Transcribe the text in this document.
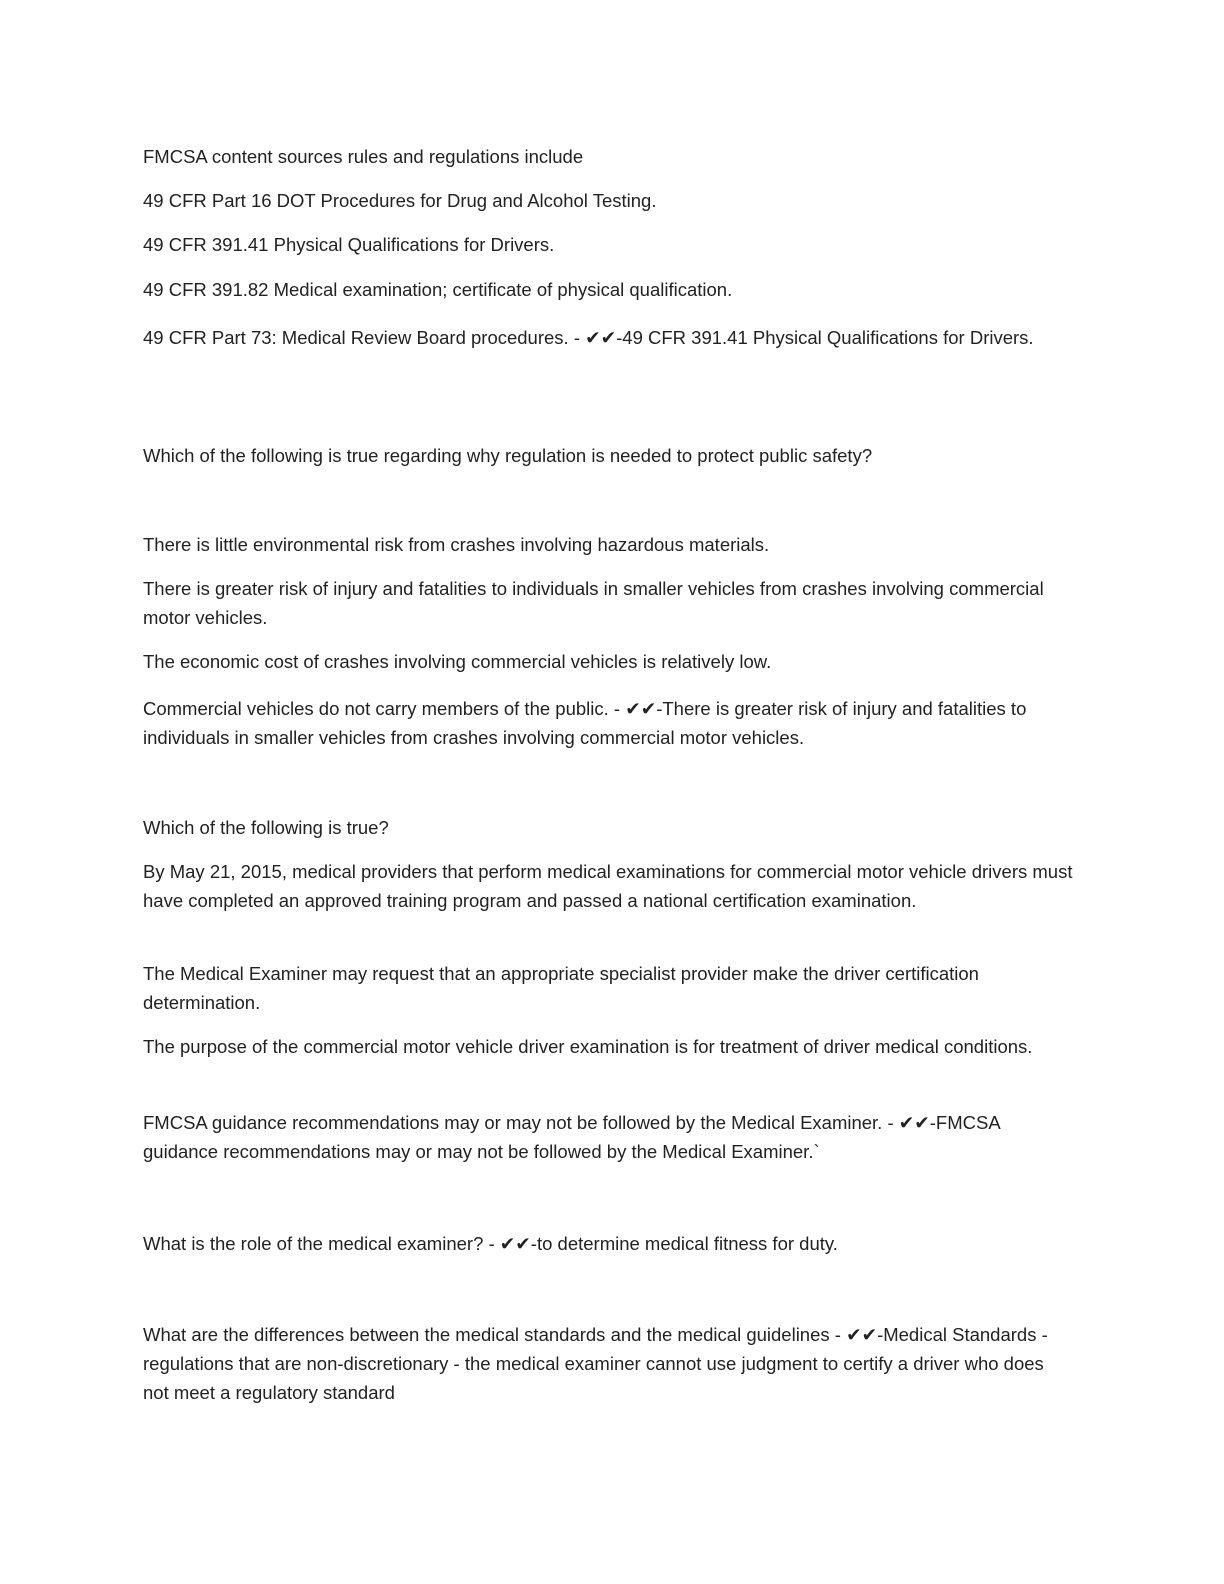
FMCSA content sources rules and regulations include

49 CFR Part 16 DOT Procedures for Drug and Alcohol Testing.

49 CFR 391.41 Physical Qualifications for Drivers.

49 CFR 391.82 Medical examination; certificate of physical qualification.

49 CFR Part 73: Medical Review Board procedures. - ✔✔-49 CFR 391.41 Physical Qualifications for Drivers.

Which of the following is true regarding why regulation is needed to protect public safety?

There is little environmental risk from crashes involving hazardous materials.

There is greater risk of injury and fatalities to individuals in smaller vehicles from crashes involving commercial motor vehicles.

The economic cost of crashes involving commercial vehicles is relatively low.

Commercial vehicles do not carry members of the public. - ✔✔-There is greater risk of injury and fatalities to individuals in smaller vehicles from crashes involving commercial motor vehicles.

Which of the following is true?

By May 21, 2015, medical providers that perform medical examinations for commercial motor vehicle drivers must have completed an approved training program and passed a national certification examination.

The Medical Examiner may request that an appropriate specialist provider make the driver certification determination.

The purpose of the commercial motor vehicle driver examination is for treatment of driver medical conditions.

FMCSA guidance recommendations may or may not be followed by the Medical Examiner. - ✔✔-FMCSA guidance recommendations may or may not be followed by the Medical Examiner.`

What is the role of the medical examiner? - ✔✔-to determine medical fitness for duty.

What are the differences between the medical standards and the medical guidelines - ✔✔-Medical Standards - regulations that are non-discretionary - the medical examiner cannot use judgment to certify a driver who does not meet a regulatory standard
